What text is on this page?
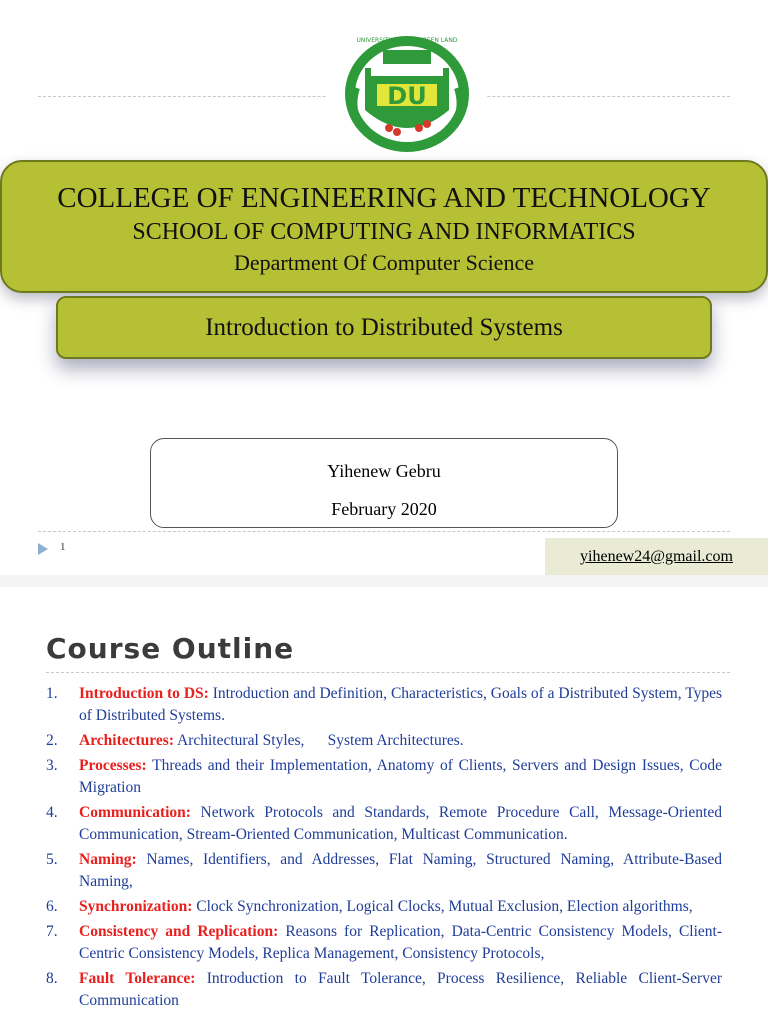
DU
UNIVERSITY OF THE GREEN LAND
COLLEGE OF ENGINEERING AND TECHNOLOGY
SCHOOL OF COMPUTING AND INFORMATICS
Department Of Computer Science
Introduction to Distributed Systems
Yihenew Gebru
February 2020
1
yihenew24@gmail.com
Course Outline
1. Introduction to DS: Introduction and Definition, Characteristics, Goals of a Distributed System, Types of Distributed Systems.
2. Architectures: Architectural Styles,      System Architectures.
3. Processes: Threads and their Implementation, Anatomy of Clients, Servers and Design Issues, Code Migration
4. Communication: Network Protocols and Standards, Remote Procedure Call, Message-Oriented Communication, Stream-Oriented Communication, Multicast Communication.
5. Naming: Names, Identifiers, and Addresses, Flat Naming, Structured Naming, Attribute-Based Naming,
6. Synchronization: Clock Synchronization, Logical Clocks, Mutual Exclusion, Election algorithms,
7. Consistency and Replication: Reasons for Replication, Data-Centric Consistency Models, Client-Centric Consistency Models, Replica Management, Consistency Protocols,
8. Fault Tolerance: Introduction to Fault Tolerance, Process Resilience, Reliable Client-Server Communication
